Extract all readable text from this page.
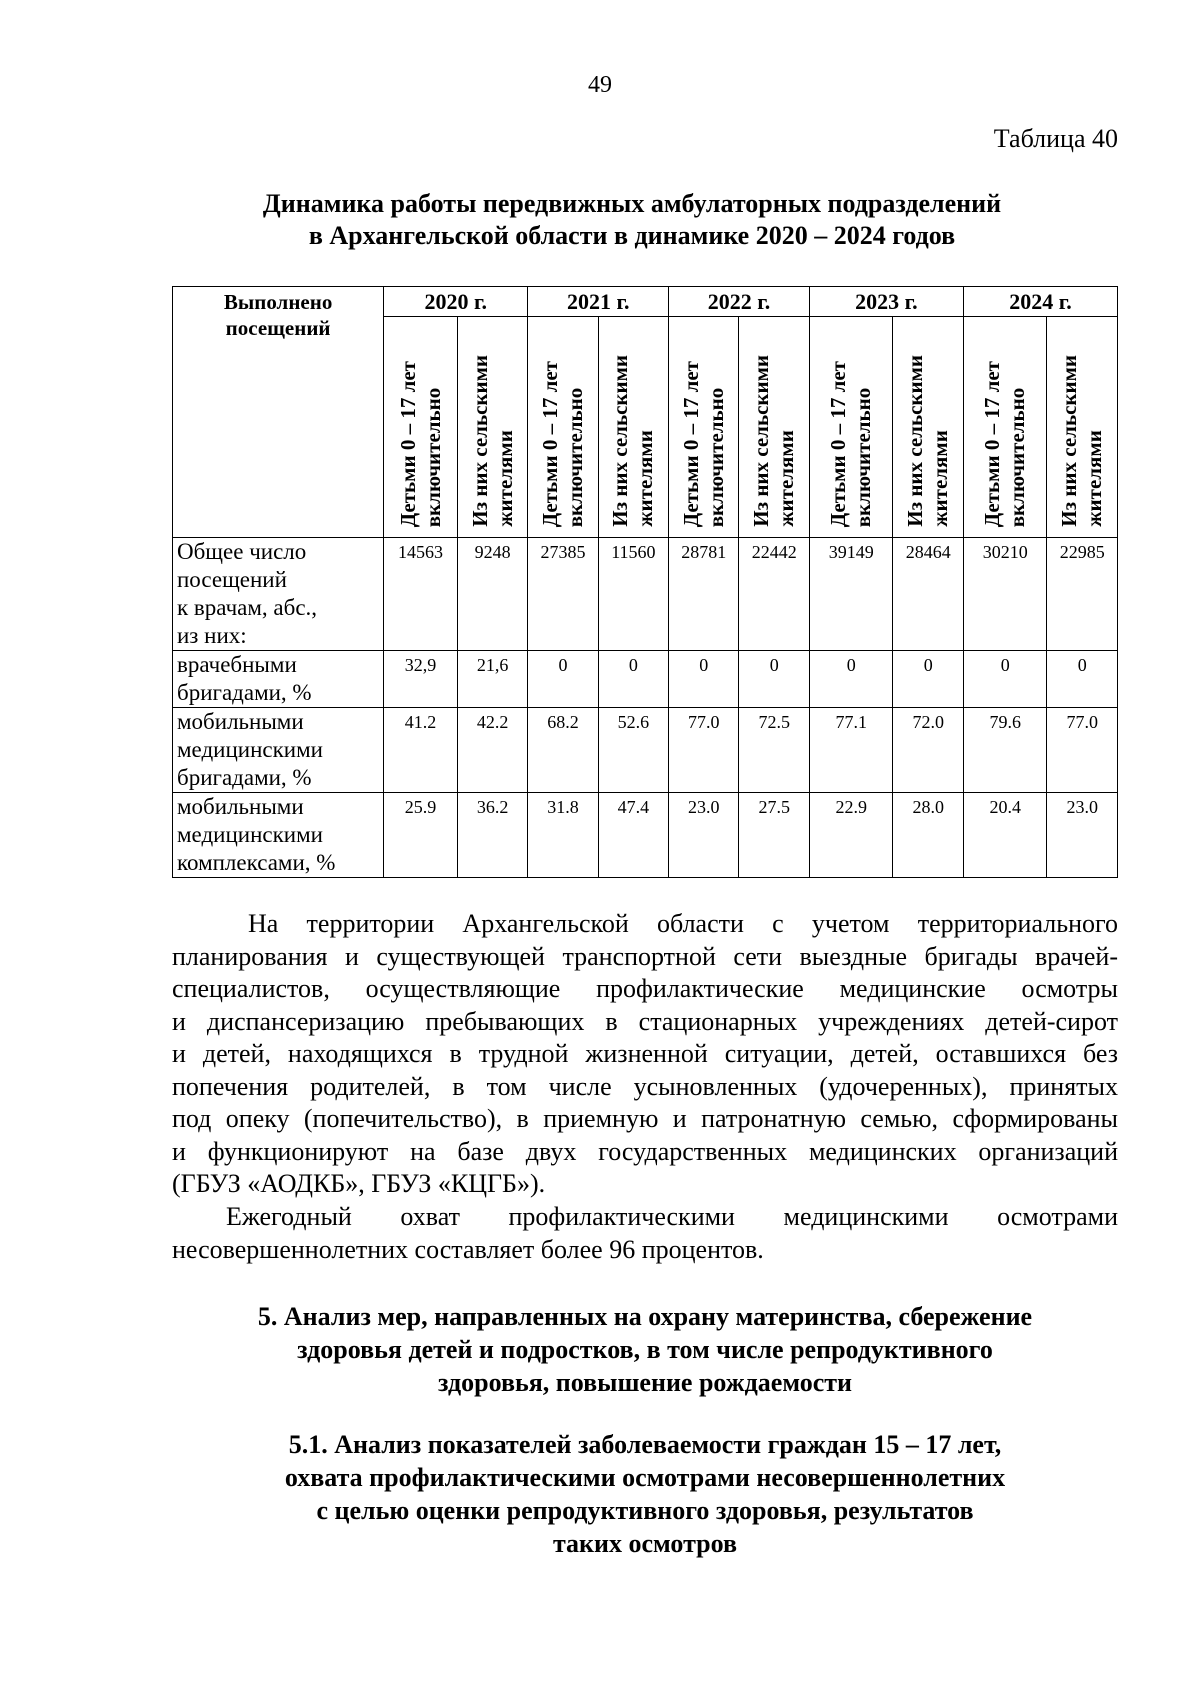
49
Таблица 40
Динамика работы передвижных амбулаторных подразделений
в Архангельской области в динамике 2020 – 2024 годов
Выполнено
посещений	2020 г.		2021 г.		2022 г.		2023 г.		2024 г.	

	Детьми 0 – 17 лет
включительно	Из них сельскими
жителями	Детьми 0 – 17 лет
включительно	Из них сельскими
жителями	Детьми 0 – 17 лет
включительно	Из них сельскими
жителями	Детьми 0 – 17 лет
включительно	Из них сельскими
жителями	Детьми 0 – 17 лет
включительно	Из них сельскими
жителями

Общее число
посещений
к врачам, абс.,
из них:	14563	9248	27385	11560	28781	22442	39149	28464	30210	22985

врачебными
бригадами, %	32,9	21,6	0	0	0	0	0	0	0	0

мобильными
медицинскими
бригадами, %	41.2	42.2	68.2	52.6	77.0	72.5	77.1	72.0	79.6	77.0

мобильными
медицинскими
комплексами, %	25.9	36.2	31.8	47.4	23.0	27.5	22.9	28.0	20.4	23.0
На территории Архангельской области с учетом территориального
планирования и существующей транспортной сети выездные бригады врачей-
специалистов, осуществляющие профилактические медицинские осмотры
и диспансеризацию пребывающих в стационарных учреждениях детей-сирот
и детей, находящихся в трудной жизненной ситуации, детей, оставшихся без
попечения родителей, в том числе усыновленных (удочеренных), принятых
под опеку (попечительство), в приемную и патронатную семью, сформированы
и функционируют на базе двух государственных медицинских организаций
(ГБУЗ «АОДКБ», ГБУЗ «КЦГБ»).
Ежегодный охват профилактическими медицинскими осмотрами
несовершеннолетних составляет более 96 процентов.
5. Анализ мер, направленных на охрану материнства, сбережение
здоровья детей и подростков, в том числе репродуктивного
здоровья, повышение рождаемости
5.1. Анализ показателей заболеваемости граждан 15 – 17 лет,
охвата профилактическими осмотрами несовершеннолетних
с целью оценки репродуктивного здоровья, результатов
таких осмотров
